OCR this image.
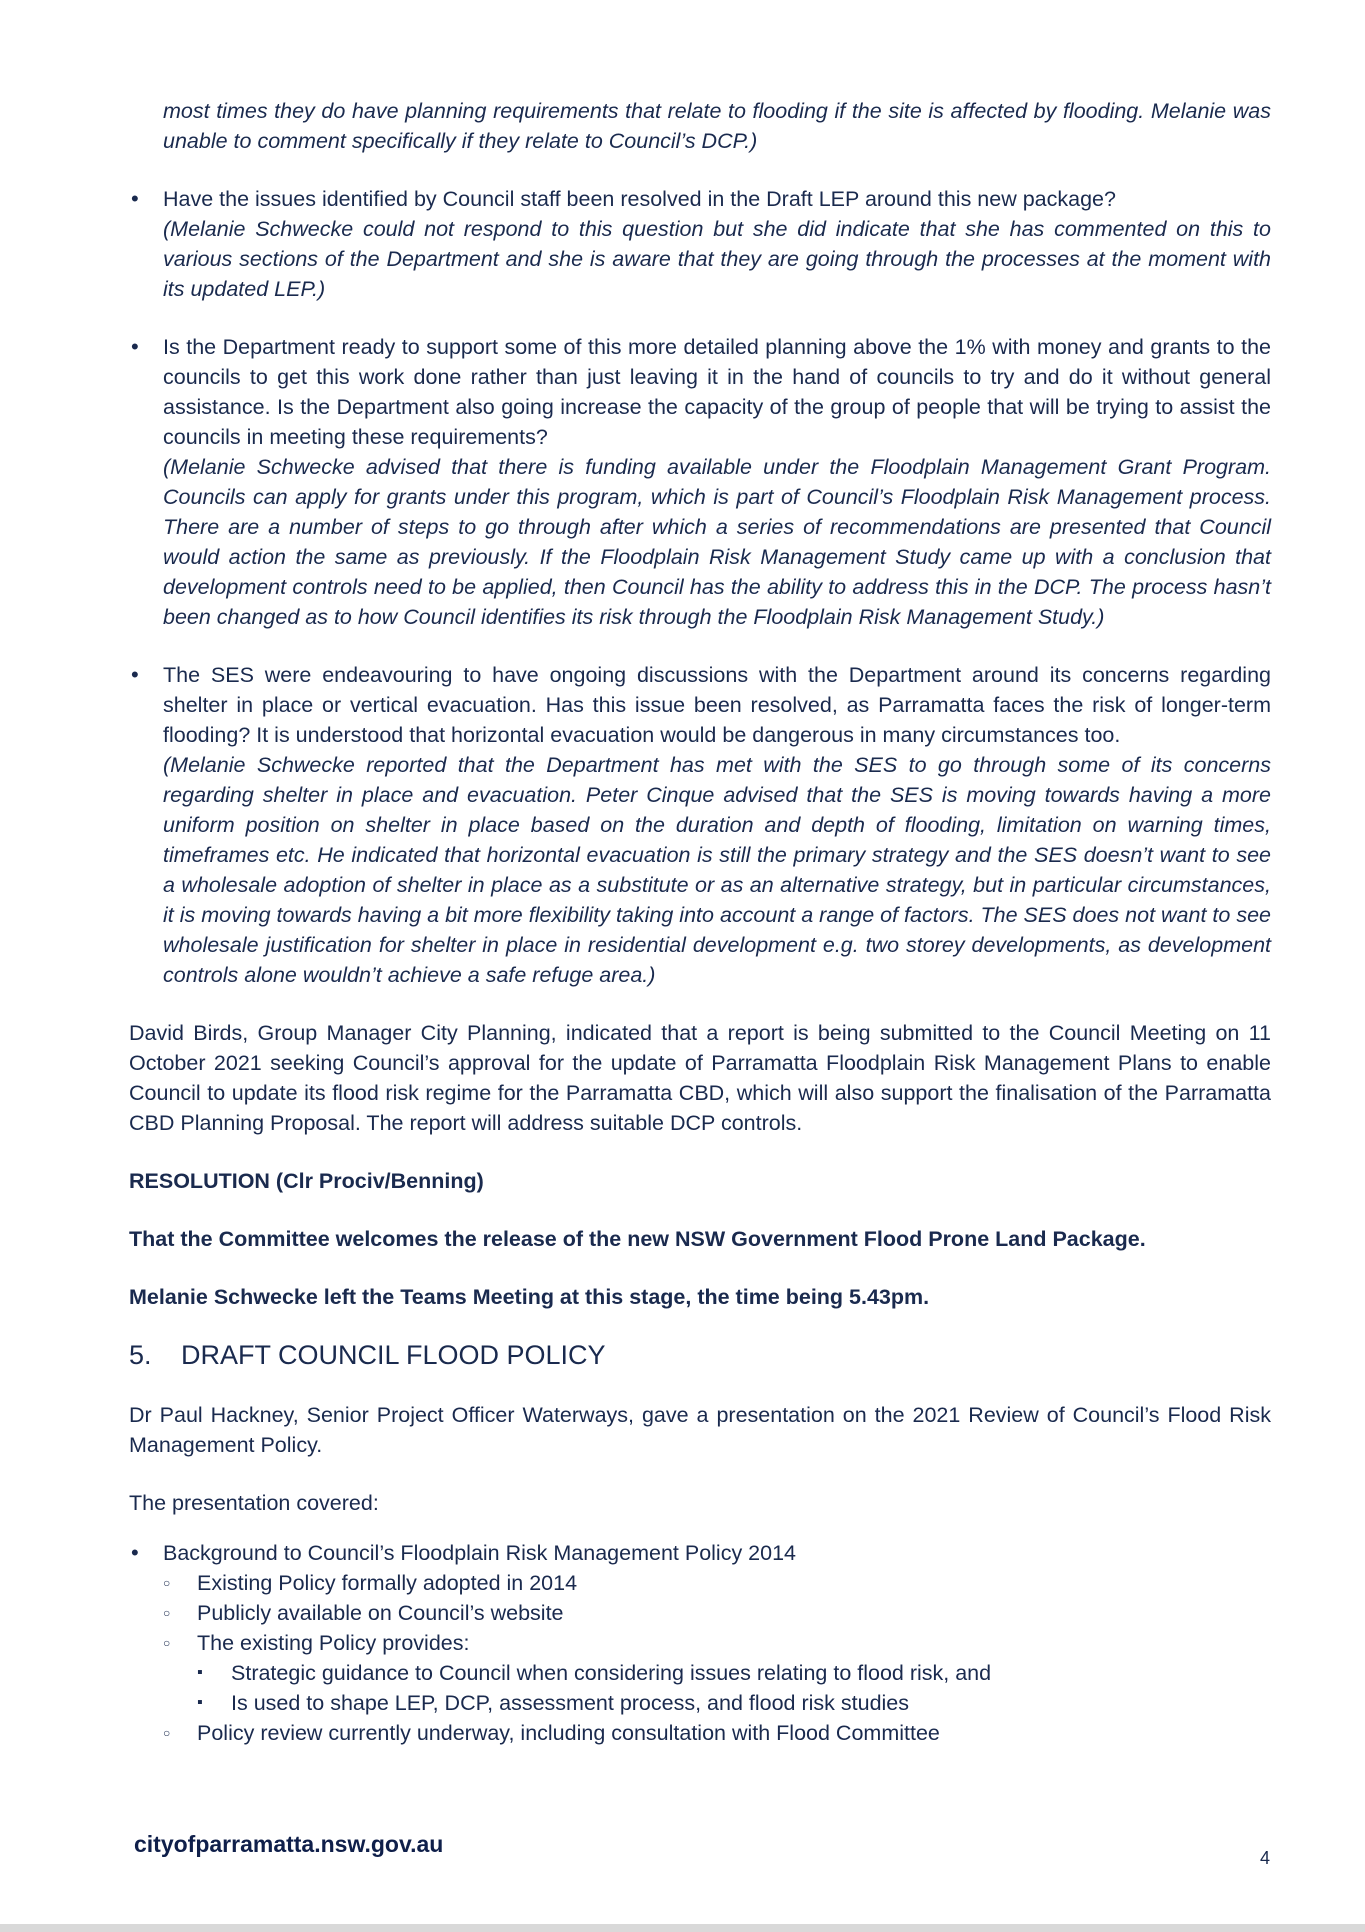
most times they do have planning requirements that relate to flooding if the site is affected by flooding. Melanie was unable to comment specifically if they relate to Council’s DCP.)

• Have the issues identified by Council staff been resolved in the Draft LEP around this new package?
(Melanie Schwecke could not respond to this question but she did indicate that she has commented on this to various sections of the Department and she is aware that they are going through the processes at the moment with its updated LEP.)
• Is the Department ready to support some of this more detailed planning above the 1% with money and grants to the councils to get this work done rather than just leaving it in the hand of councils to try and do it without general assistance. Is the Department also going increase the capacity of the group of people that will be trying to assist the councils in meeting these requirements?
(Melanie Schwecke advised that there is funding available under the Floodplain Management Grant Program. Councils can apply for grants under this program, which is part of Council’s Floodplain Risk Management process. There are a number of steps to go through after which a series of recommendations are presented that Council would action the same as previously. If the Floodplain Risk Management Study came up with a conclusion that development controls need to be applied, then Council has the ability to address this in the DCP. The process hasn’t been changed as to how Council identifies its risk through the Floodplain Risk Management Study.)
• The SES were endeavouring to have ongoing discussions with the Department around its concerns regarding shelter in place or vertical evacuation. Has this issue been resolved, as Parramatta faces the risk of longer-term flooding? It is understood that horizontal evacuation would be dangerous in many circumstances too.
(Melanie Schwecke reported that the Department has met with the SES to go through some of its concerns regarding shelter in place and evacuation. Peter Cinque advised that the SES is moving towards having a more uniform position on shelter in place based on the duration and depth of flooding, limitation on warning times, timeframes etc. He indicated that horizontal evacuation is still the primary strategy and the SES doesn’t want to see a wholesale adoption of shelter in place as a substitute or as an alternative strategy, but in particular circumstances, it is moving towards having a bit more flexibility taking into account a range of factors. The SES does not want to see wholesale justification for shelter in place in residential development e.g. two storey developments, as development controls alone wouldn’t achieve a safe refuge area.)

David Birds, Group Manager City Planning, indicated that a report is being submitted to the Council Meeting on 11 October 2021 seeking Council’s approval for the update of Parramatta Floodplain Risk Management Plans to enable Council to update its flood risk regime for the Parramatta CBD, which will also support the finalisation of the Parramatta CBD Planning Proposal. The report will address suitable DCP controls.

RESOLUTION (Clr Prociv/Benning)

That the Committee welcomes the release of the new NSW Government Flood Prone Land Package.

Melanie Schwecke left the Teams Meeting at this stage, the time being 5.43pm.

5. DRAFT COUNCIL FLOOD POLICY

Dr Paul Hackney, Senior Project Officer Waterways, gave a presentation on the 2021 Review of Council’s Flood Risk Management Policy.

The presentation covered:

• Background to Council’s Floodplain Risk Management Policy 2014
○ Existing Policy formally adopted in 2014
○ Publicly available on Council’s website
○ The existing Policy provides:
▪ Strategic guidance to Council when considering issues relating to flood risk, and
▪ Is used to shape LEP, DCP, assessment process, and flood risk studies
○ Policy review currently underway, including consultation with Flood Committee
cityofparramatta.nsw.gov.au
4
